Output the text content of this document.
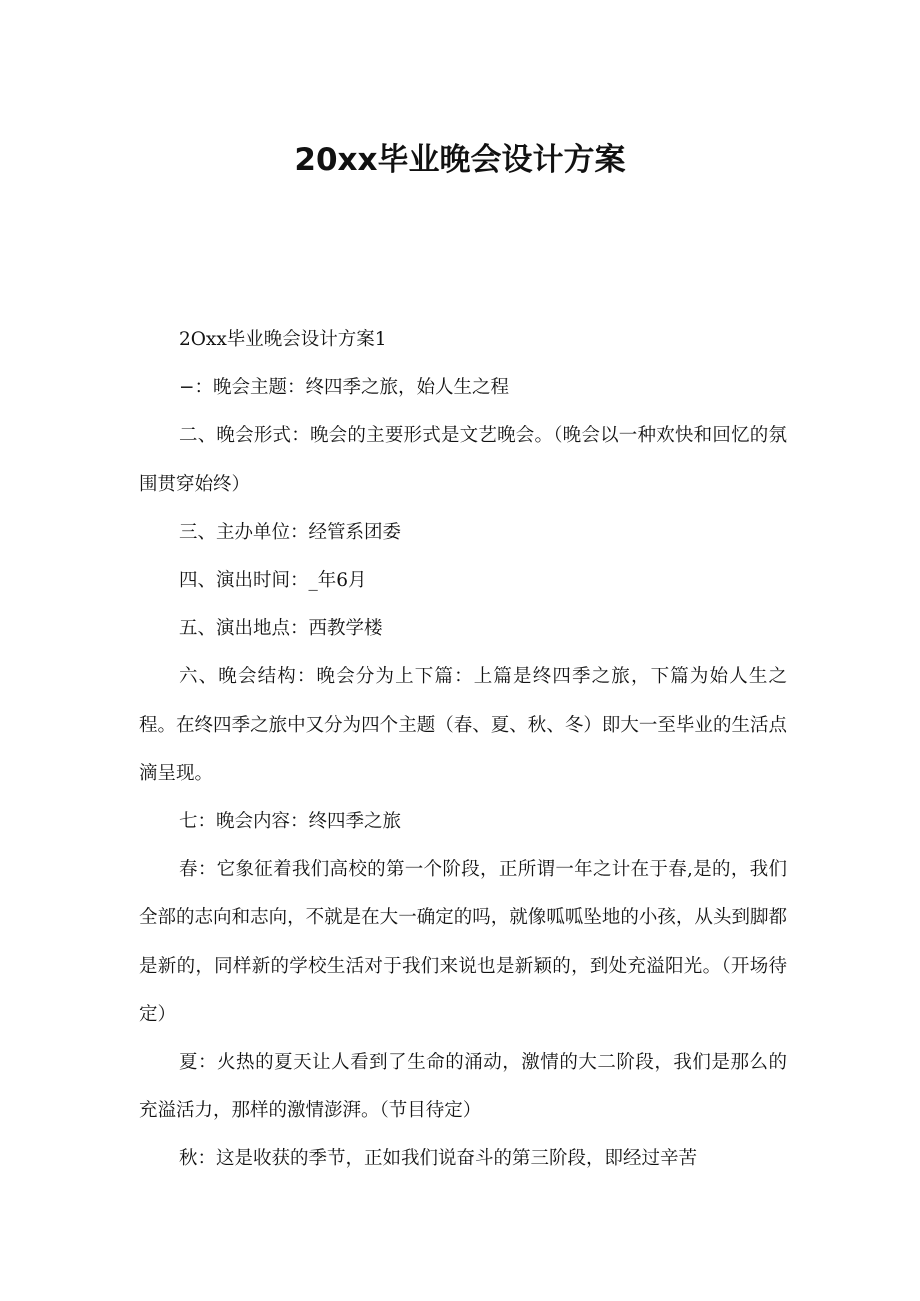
20xx毕业晚会设计方案

2Oxx毕业晚会设计方案1

−：晚会主题：终四季之旅，始人生之程

二、晚会形式：晚会的主要形式是文艺晚会。（晚会以一种欢快和回忆的氛围贯穿始终）

三、主办单位：经管系团委

四、演出时间：_年6月

五、演出地点：西教学楼

六、晚会结构：晚会分为上下篇：上篇是终四季之旅，下篇为始人生之程。在终四季之旅中又分为四个主题（春、夏、秋、冬）即大一至毕业的生活点滴呈现。

七：晚会内容：终四季之旅

春：它象征着我们高校的第一个阶段，正所谓一年之计在于春,是的，我们全部的志向和志向，不就是在大一确定的吗，就像呱呱坠地的小孩，从头到脚都是新的，同样新的学校生活对于我们来说也是新颖的，到处充溢阳光。（开场待定）

夏：火热的夏天让人看到了生命的涌动，激情的大二阶段，我们是那么的充溢活力，那样的激情澎湃。（节目待定）

秋：这是收获的季节，正如我们说奋斗的第三阶段，即经过辛苦
